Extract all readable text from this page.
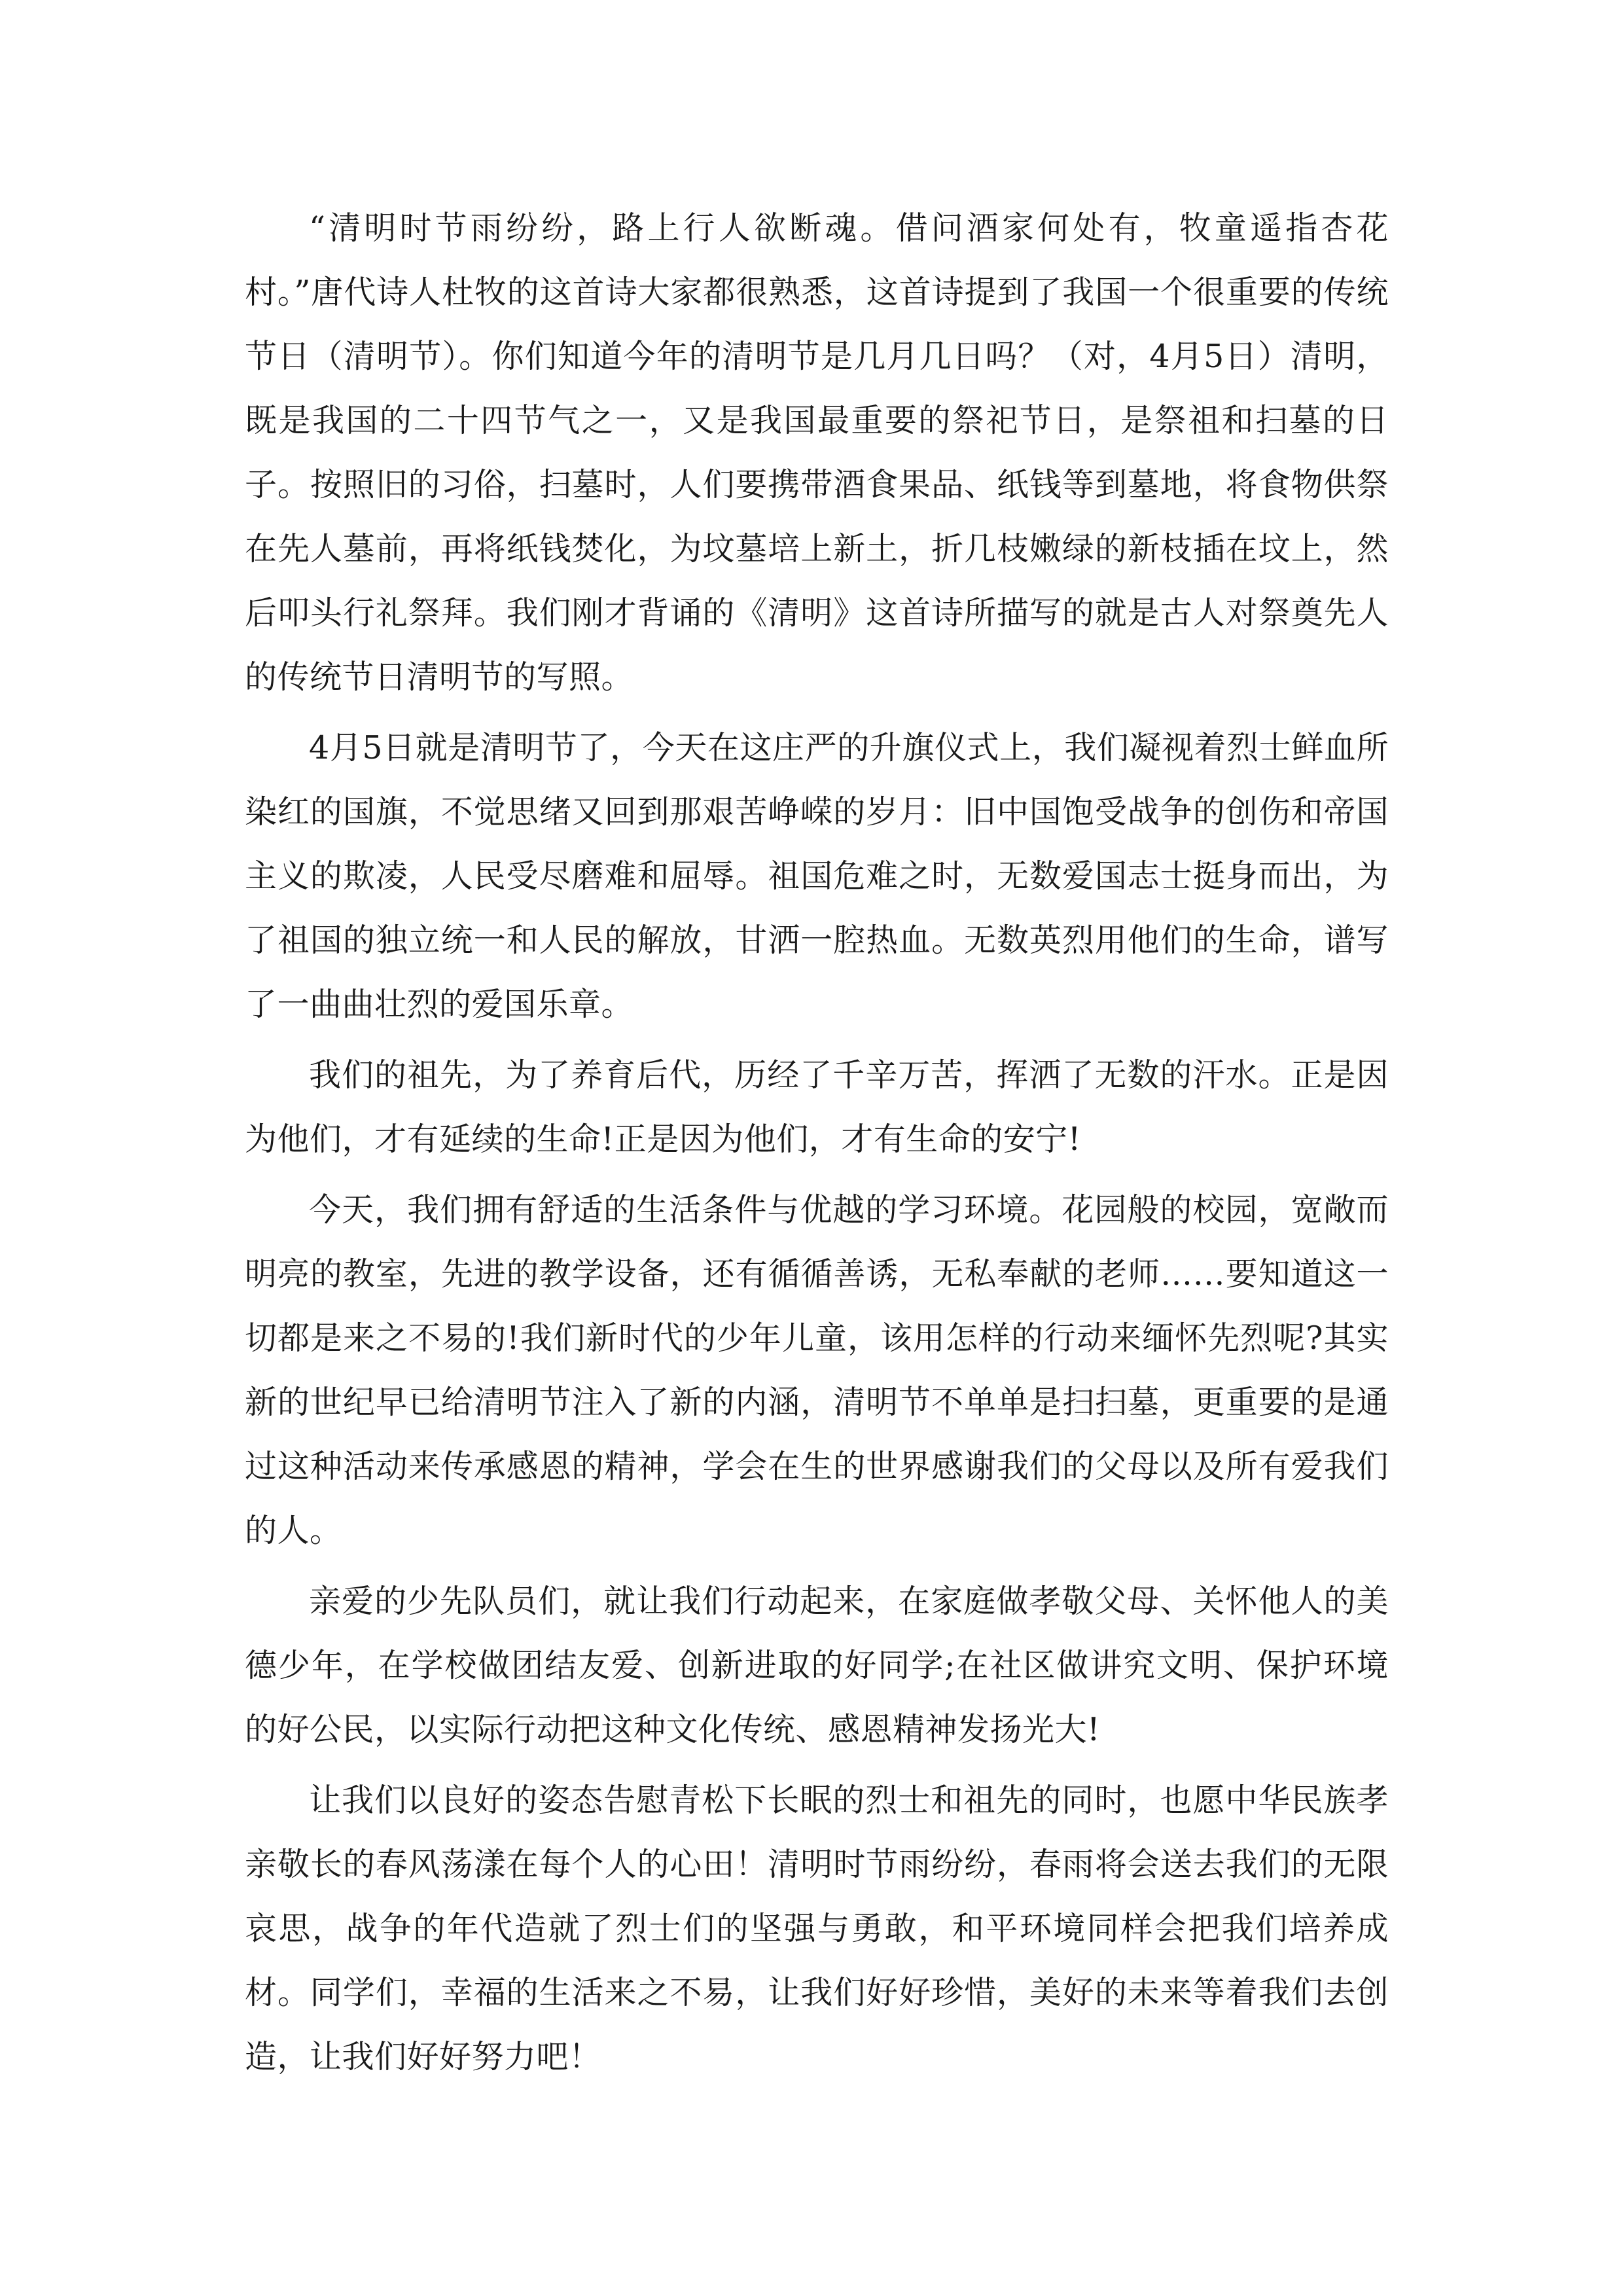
“清明时节雨纷纷，路上行人欲断魂。借问酒家何处有，牧童遥指杏花村。”唐代诗人杜牧的这首诗大家都很熟悉，这首诗提到了我国一个很重要的传统节日（清明节）。你们知道今年的清明节是几月几日吗？（对，4月5日）清明，既是我国的二十四节气之一，又是我国最重要的祭祀节日，是祭祖和扫墓的日子。按照旧的习俗，扫墓时，人们要携带酒食果品、纸钱等到墓地，将食物供祭在先人墓前，再将纸钱焚化，为坟墓培上新土，折几枝嫩绿的新枝插在坟上，然后叩头行礼祭拜。我们刚才背诵的《清明》这首诗所描写的就是古人对祭奠先人的传统节日清明节的写照。

4月5日就是清明节了，今天在这庄严的升旗仪式上，我们凝视着烈士鲜血所染红的国旗，不觉思绪又回到那艰苦峥嵘的岁月：旧中国饱受战争的创伤和帝国主义的欺凌，人民受尽磨难和屈辱。祖国危难之时，无数爱国志士挺身而出，为了祖国的独立统一和人民的解放，甘洒一腔热血。无数英烈用他们的生命，谱写了一曲曲壮烈的爱国乐章。

我们的祖先，为了养育后代，历经了千辛万苦，挥洒了无数的汗水。正是因为他们，才有延续的生命!正是因为他们，才有生命的安宁!

今天，我们拥有舒适的生活条件与优越的学习环境。花园般的校园，宽敞而明亮的教室，先进的教学设备，还有循循善诱，无私奉献的老师……要知道这一切都是来之不易的!我们新时代的少年儿童，该用怎样的行动来缅怀先烈呢?其实新的世纪早已给清明节注入了新的内涵，清明节不单单是扫扫墓，更重要的是通过这种活动来传承感恩的精神，学会在生的世界感谢我们的父母以及所有爱我们的人。

亲爱的少先队员们，就让我们行动起来，在家庭做孝敬父母、关怀他人的美德少年，在学校做团结友爱、创新进取的好同学;在社区做讲究文明、保护环境的好公民，以实际行动把这种文化传统、感恩精神发扬光大!

让我们以良好的姿态告慰青松下长眠的烈士和祖先的同时，也愿中华民族孝亲敬长的春风荡漾在每个人的心田！清明时节雨纷纷，春雨将会送去我们的无限哀思，战争的年代造就了烈士们的坚强与勇敢，和平环境同样会把我们培养成材。同学们，幸福的生活来之不易，让我们好好珍惜，美好的未来等着我们去创造，让我们好好努力吧！
